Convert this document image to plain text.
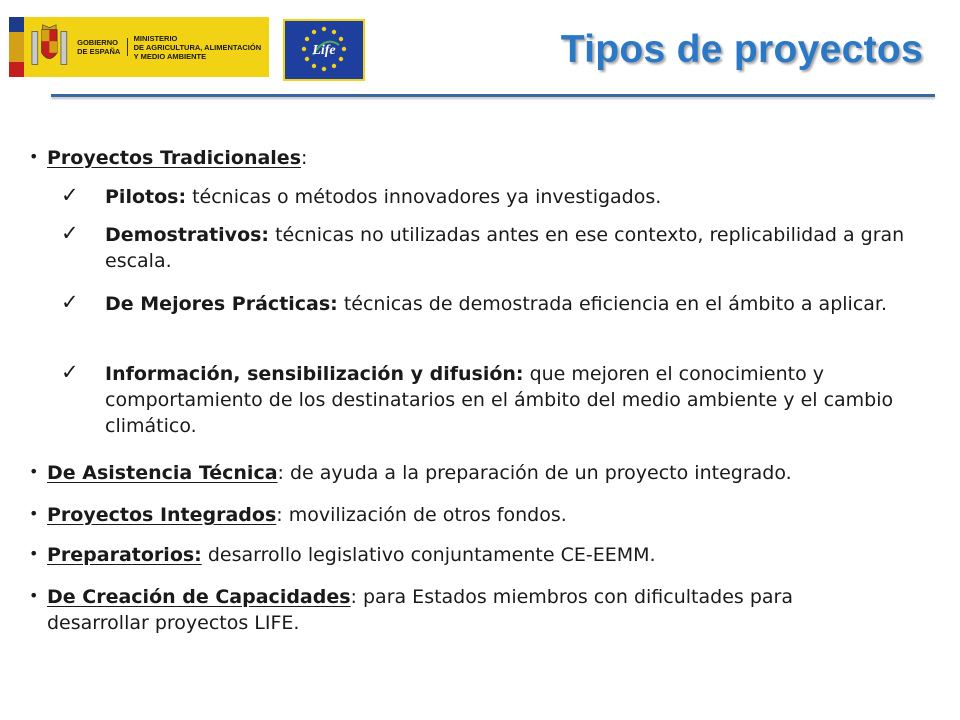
GOBIERNO
DE ESPAÑA
MINISTERIO
DE AGRICULTURA, ALIMENTACIÓN
Y MEDIO AMBIENTE	Life	Tipos de proyectos
• Proyectos Tradicionales:
✓ Pilotos: técnicas o métodos innovadores ya investigados.
✓ Demostrativos: técnicas no utilizadas antes en ese contexto, replicabilidad a gran escala.
✓ De Mejores Prácticas: técnicas de demostrada eficiencia en el ámbito a aplicar.
✓ Información, sensibilización y difusión: que mejoren el conocimiento y comportamiento de los destinatarios en el ámbito del medio ambiente y el cambio climático.
• De Asistencia Técnica: de ayuda a la preparación de un proyecto integrado.
• Proyectos Integrados: movilización de otros fondos.
• Preparatorios: desarrollo legislativo conjuntamente CE-EEMM.
• De Creación de Capacidades: para Estados miembros con dificultades para desarrollar proyectos LIFE.
